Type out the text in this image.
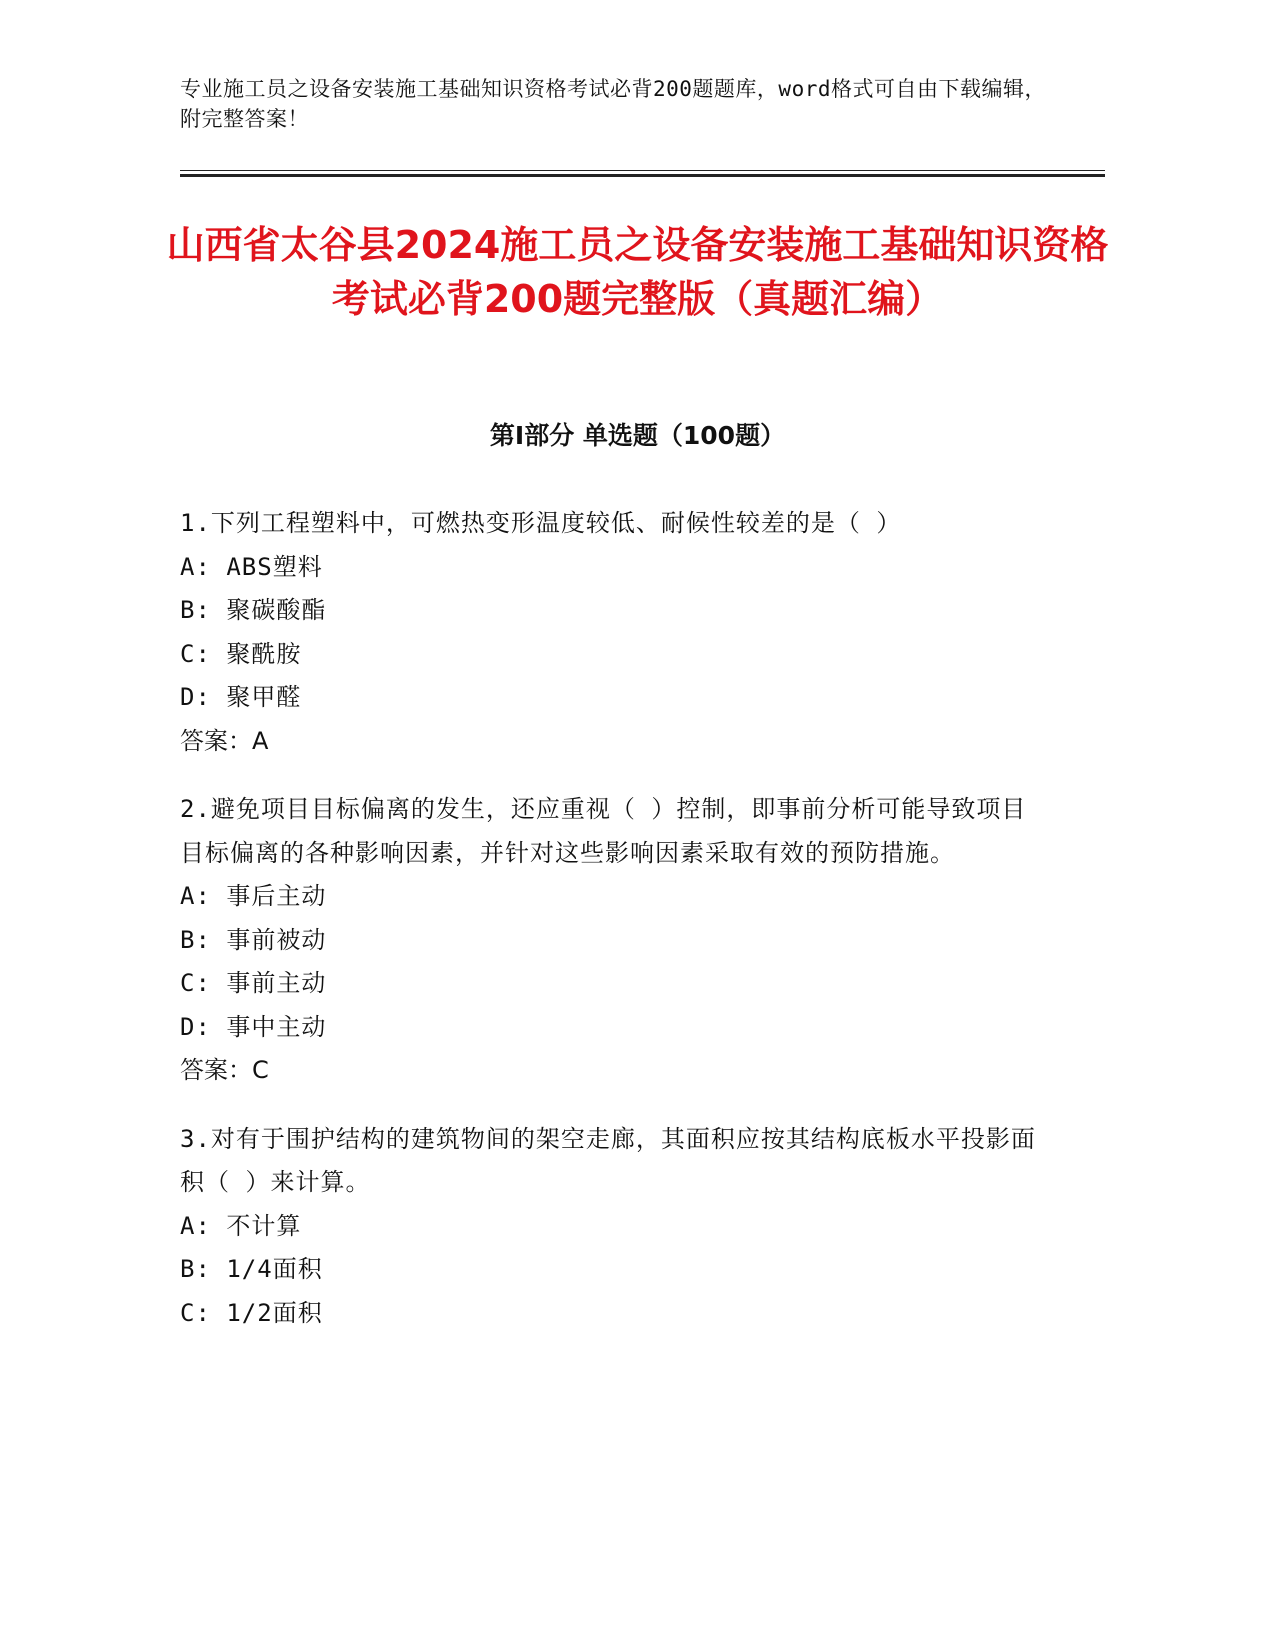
专业施工员之设备安装施工基础知识资格考试必背200题题库，word格式可自由下载编辑，附完整答案！
山西省太谷县2024施工员之设备安装施工基础知识资格考试必背200题完整版（真题汇编）
第Ⅰ部分 单选题（100题）
1.下列工程塑料中，可燃热变形温度较低、耐候性较差的是（ ）
A: ABS塑料
B: 聚碳酸酯
C: 聚酰胺
D: 聚甲醛
答案：A
2.避免项目目标偏离的发生，还应重视（ ）控制，即事前分析可能导致项目目标偏离的各种影响因素，并针对这些影响因素采取有效的预防措施。
A: 事后主动
B: 事前被动
C: 事前主动
D: 事中主动
答案：C
3.对有于围护结构的建筑物间的架空走廊，其面积应按其结构底板水平投影面积（ ）来计算。
A: 不计算
B: 1/4面积
C: 1/2面积
